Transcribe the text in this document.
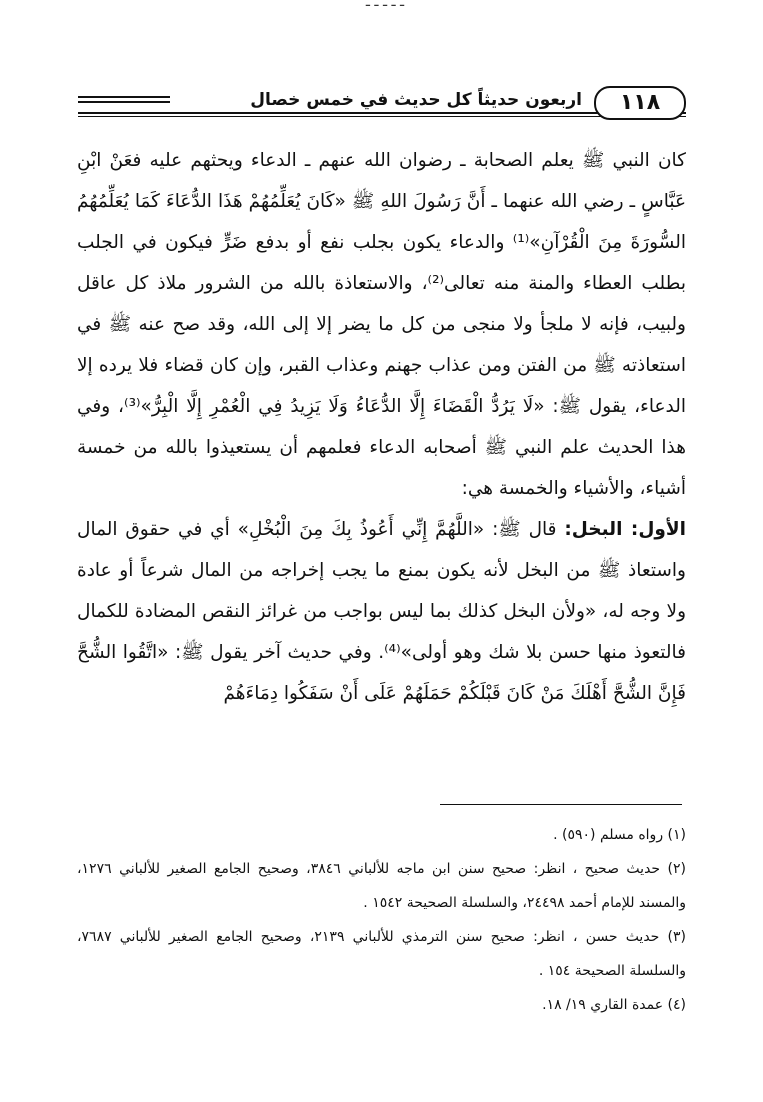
ـ ـ ـ ـ ـ
١١٨
اربعون حديثاً كل حديث في خمس خصال

كان النبي ﷺ يعلم الصحابة ـ رضوان الله عنهم ـ الدعاء ويحثهم عليه فعَنْ ابْنِ عَبَّاسٍ ـ رضي الله عنهما ـ أَنَّ رَسُولَ اللهِ ﷺ «كَانَ يُعَلِّمُهُمْ هَذَا الدُّعَاءَ كَمَا يُعَلِّمُهُمُ السُّورَةَ مِنَ الْقُرْآنِ»⁽¹⁾ والدعاء يكون بجلب نفع أو بدفع ضَرٍّ فيكون في الجلب بطلب العطاء والمنة منه تعالى⁽²⁾، والاستعاذة بالله من الشرور ملاذ كل عاقل ولبيب، فإنه لا ملجأ ولا منجى من كل ما يضر إلا إلى الله، وقد صح عنه ﷺ في استعاذته ﷺ من الفتن ومن عذاب جهنم وعذاب القبر، وإن كان قضاء فلا يرده إلا الدعاء، يقول ﷺ: «لَا يَرُدُّ الْقَضَاءَ إِلَّا الدُّعَاءُ وَلَا يَزِيدُ فِي الْعُمْرِ إِلَّا الْبِرُّ»⁽³⁾، وفي هذا الحديث علم النبي ﷺ أصحابه الدعاء فعلمهم أن يستعيذوا بالله من خمسة أشياء، والأشياء والخمسة هي:

الأول: البخل: قال ﷺ: «اللَّهُمَّ إِنِّي أَعُوذُ بِكَ مِنَ الْبُخْلِ» أي في حقوق المال واستعاذ ﷺ من البخل لأنه يكون بمنع ما يجب إخراجه من المال شرعاً أو عادة ولا وجه له، «ولأن البخل كذلك بما ليس بواجب من غرائز النقص المضادة للكمال فالتعوذ منها حسن بلا شك وهو أولى»⁽⁴⁾. وفي حديث آخر يقول ﷺ: «اتَّقُوا الشُّحَّ فَإِنَّ الشُّحَّ أَهْلَكَ مَنْ كَانَ قَبْلَكُمْ حَمَلَهُمْ عَلَى أَنْ سَفَكُوا دِمَاءَهُمْ

(١) رواه مسلم (٥٩٠) .

(٢) حديث صحيح ، انظر: صحيح سنن ابن ماجه للألباني ٣٨٤٦، وصحيح الجامع الصغير للألباني ١٢٧٦، والمسند للإمام أحمد ٢٤٤٩٨، والسلسلة الصحيحة ١٥٤٢ .

(٣) حديث حسن ، انظر: صحيح سنن الترمذي للألباني ٢١٣٩، وصحيح الجامع الصغير للألباني ٧٦٨٧، والسلسلة الصحيحة ١٥٤ .

(٤) عمدة القاري ١٩/ ١٨.
